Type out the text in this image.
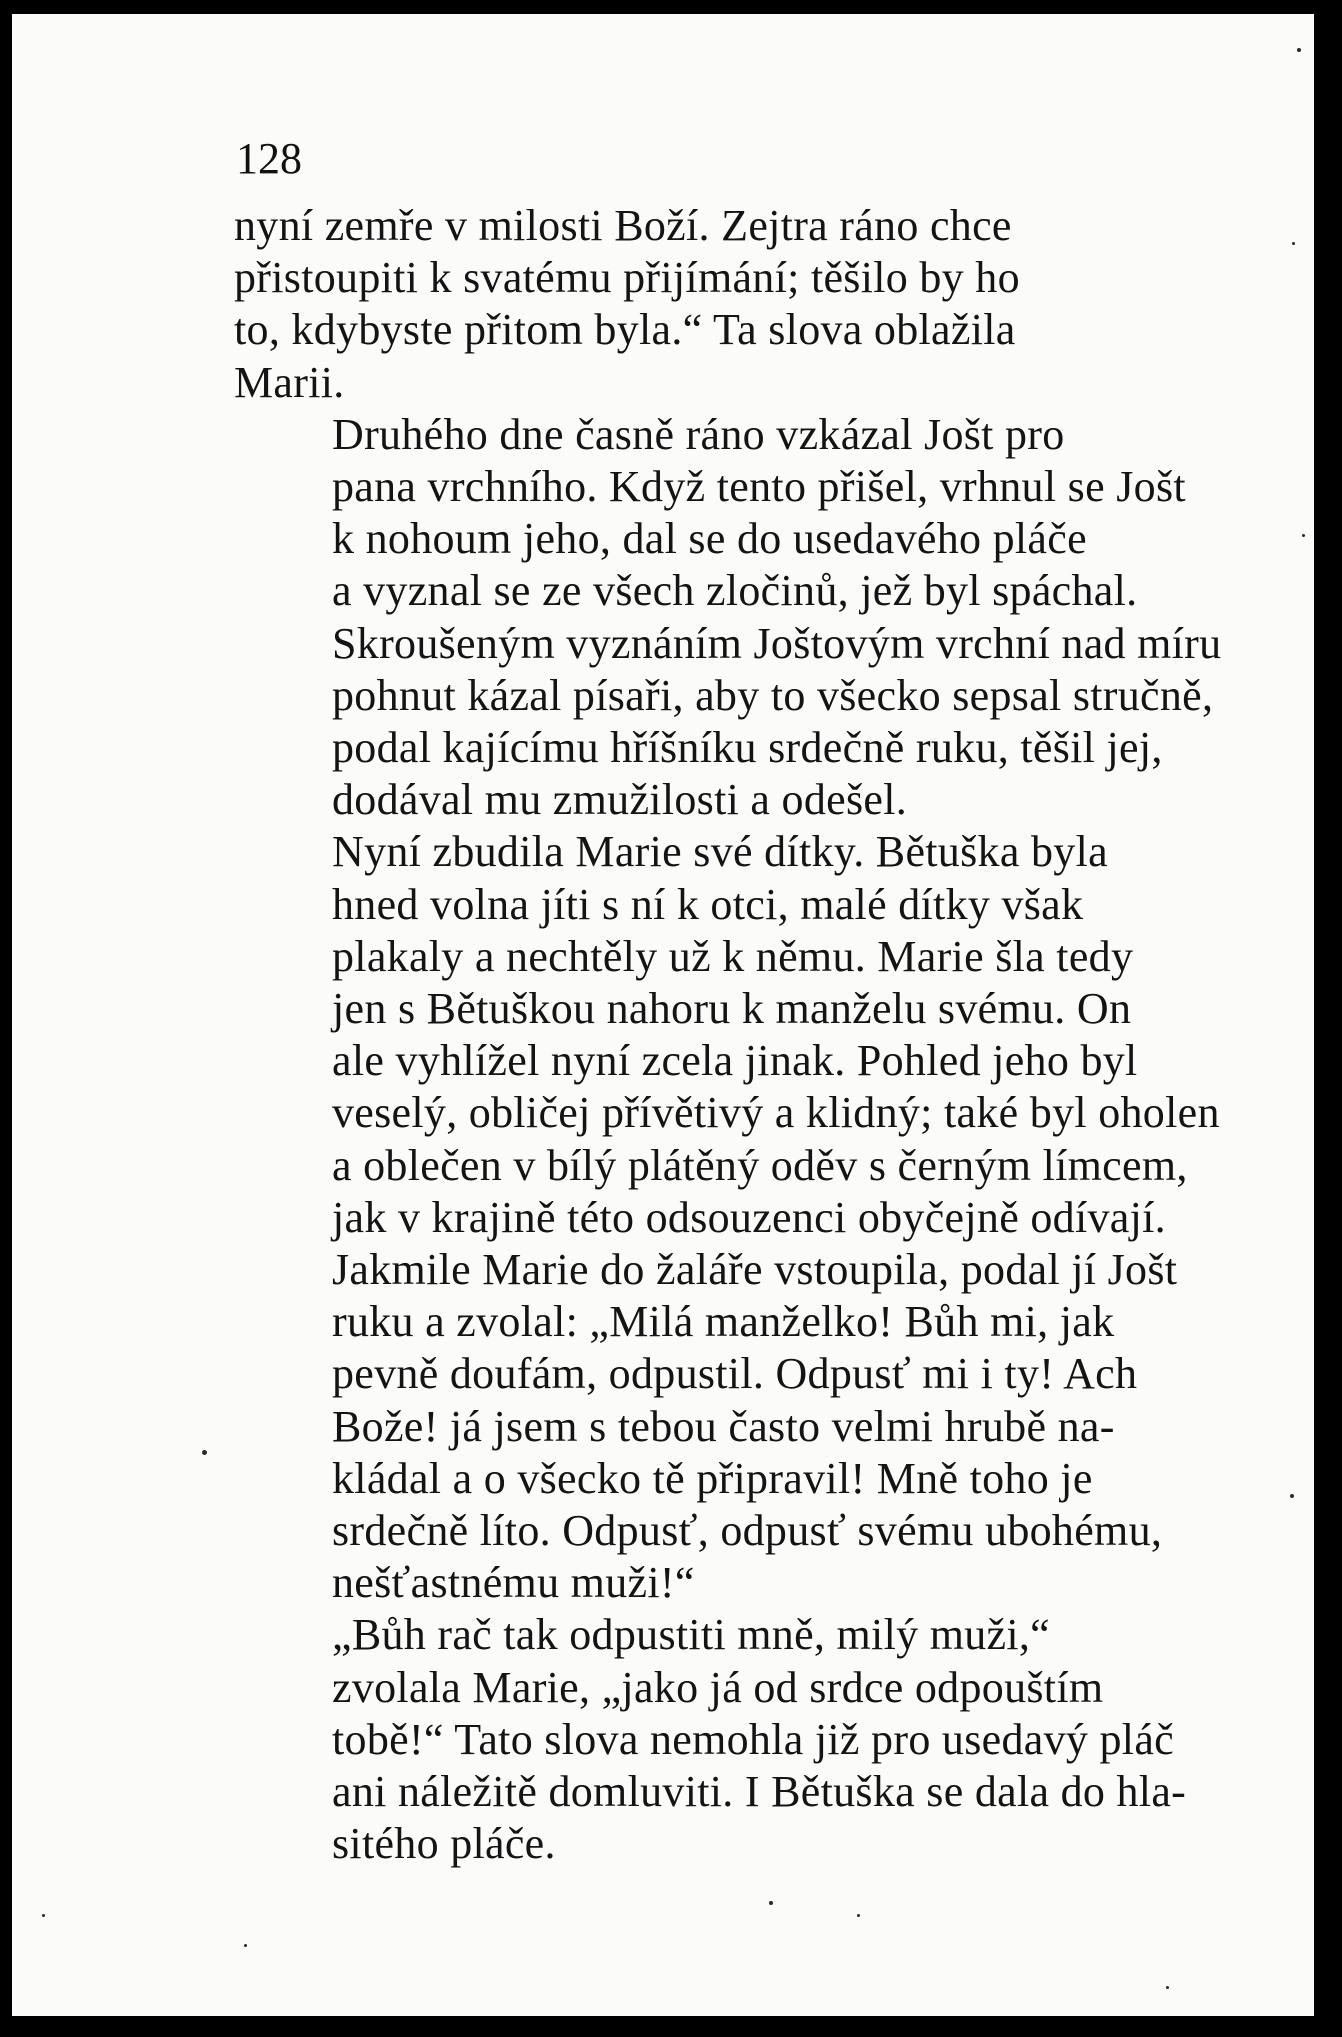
128

nyní zemře v milosti Boží. Zejtra ráno chce
přistoupiti k svatému přijímání; těšilo by ho
to, kdybyste přitom byla.“ Ta slova oblažila
Marii.

Druhého dne časně ráno vzkázal Jošt pro
pana vrchního. Když tento přišel, vrhnul se Jošt
k nohoum jeho, dal se do usedavého pláče
a vyznal se ze všech zločinů, jež byl spáchal.
Skroušeným vyznáním Joštovým vrchní nad míru
pohnut kázal písaři, aby to všecko sepsal stručně,
podal kajícímu hříšníku srdečně ruku, těšil jej,
dodával mu zmužilosti a odešel.

Nyní zbudila Marie své dítky. Bětuška byla
hned volna jíti s ní k otci, malé dítky však
plakaly a nechtěly už k němu. Marie šla tedy
jen s Bětuškou nahoru k manželu svému. On
ale vyhlížel nyní zcela jinak. Pohled jeho byl
veselý, obličej přívětivý a klidný; také byl oholen
a oblečen v bílý plátěný oděv s černým límcem,
jak v krajině této odsouzenci obyčejně odívají.
Jakmile Marie do žaláře vstoupila, podal jí Jošt
ruku a zvolal: „Milá manželko! Bůh mi, jak
pevně doufám, odpustil. Odpusť mi i ty! Ach
Bože! já jsem s tebou často velmi hrubě na-
kládal a o všecko tě připravil! Mně toho je
srdečně líto. Odpusť, odpusť svému ubohému,
nešťastnému muži!“

„Bůh rač tak odpustiti mně, milý muži,“
zvolala Marie, „jako já od srdce odpouštím
tobě!“ Tato slova nemohla již pro usedavý pláč
ani náležitě domluviti. I Bětuška se dala do hla-
sitého pláče.
